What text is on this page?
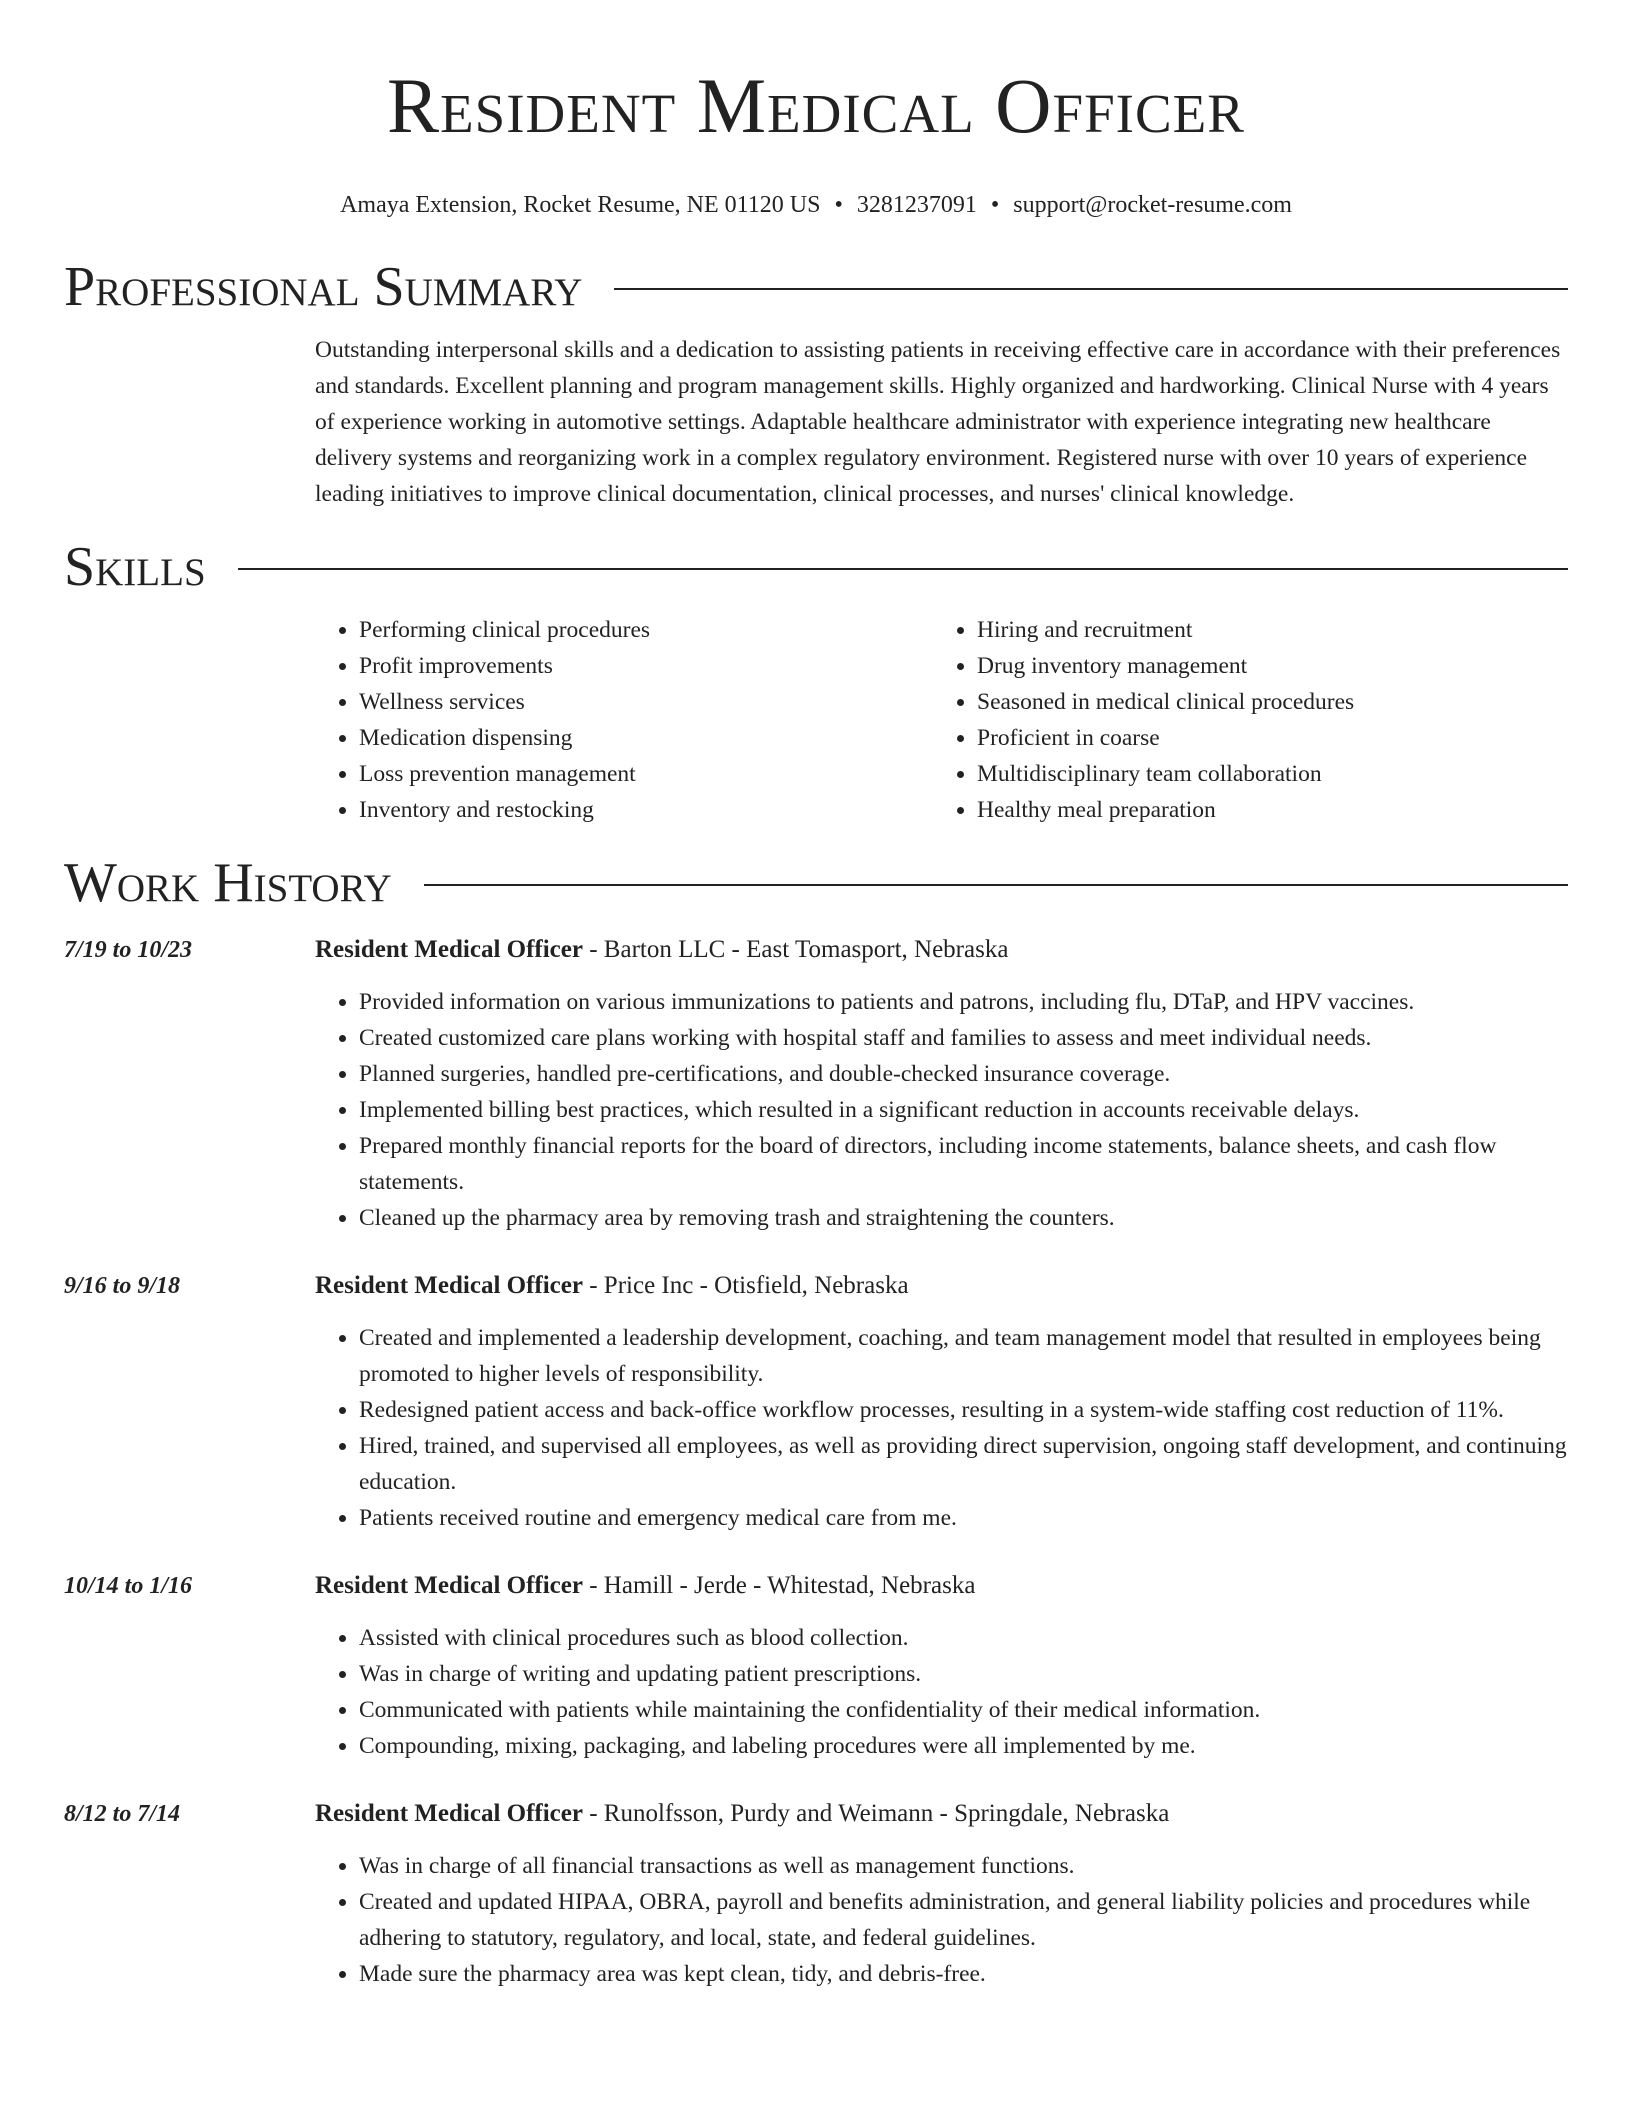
Resident Medical Officer
Amaya Extension, Rocket Resume, NE 01120 US • 3281237091 • support@rocket-resume.com
Professional Summary

Outstanding interpersonal skills and a dedication to assisting patients in receiving effective care in accordance with their preferences and standards. Excellent planning and program management skills. Highly organized and hardworking. Clinical Nurse with 4 years of experience working in automotive settings. Adaptable healthcare administrator with experience integrating new healthcare delivery systems and reorganizing work in a complex regulatory environment. Registered nurse with over 10 years of experience leading initiatives to improve clinical documentation, clinical processes, and nurses' clinical knowledge.

Skills
• Performing clinical procedures
• Profit improvements
• Wellness services
• Medication dispensing
• Loss prevention management
• Inventory and restocking
• Hiring and recruitment
• Drug inventory management
• Seasoned in medical clinical procedures
• Proficient in coarse
• Multidisciplinary team collaboration
• Healthy meal preparation
Work History
7/19 to 10/23	Resident Medical Officer - Barton LLC - East Tomasport, Nebraska
• Provided information on various immunizations to patients and patrons, including flu, DTaP, and HPV vaccines.
• Created customized care plans working with hospital staff and families to assess and meet individual needs.
• Planned surgeries, handled pre-certifications, and double-checked insurance coverage.
• Implemented billing best practices, which resulted in a significant reduction in accounts receivable delays.
• Prepared monthly financial reports for the board of directors, including income statements, balance sheets, and cash flow statements.
• Cleaned up the pharmacy area by removing trash and straightening the counters.
9/16 to 9/18	Resident Medical Officer - Price Inc - Otisfield, Nebraska
• Created and implemented a leadership development, coaching, and team management model that resulted in employees being promoted to higher levels of responsibility.
• Redesigned patient access and back-office workflow processes, resulting in a system-wide staffing cost reduction of 11%.
• Hired, trained, and supervised all employees, as well as providing direct supervision, ongoing staff development, and continuing education.
• Patients received routine and emergency medical care from me.
10/14 to 1/16	Resident Medical Officer - Hamill - Jerde - Whitestad, Nebraska
• Assisted with clinical procedures such as blood collection.
• Was in charge of writing and updating patient prescriptions.
• Communicated with patients while maintaining the confidentiality of their medical information.
• Compounding, mixing, packaging, and labeling procedures were all implemented by me.
8/12 to 7/14	Resident Medical Officer - Runolfsson, Purdy and Weimann - Springdale, Nebraska
• Was in charge of all financial transactions as well as management functions.
• Created and updated HIPAA, OBRA, payroll and benefits administration, and general liability policies and procedures while adhering to statutory, regulatory, and local, state, and federal guidelines.
• Made sure the pharmacy area was kept clean, tidy, and debris-free.
